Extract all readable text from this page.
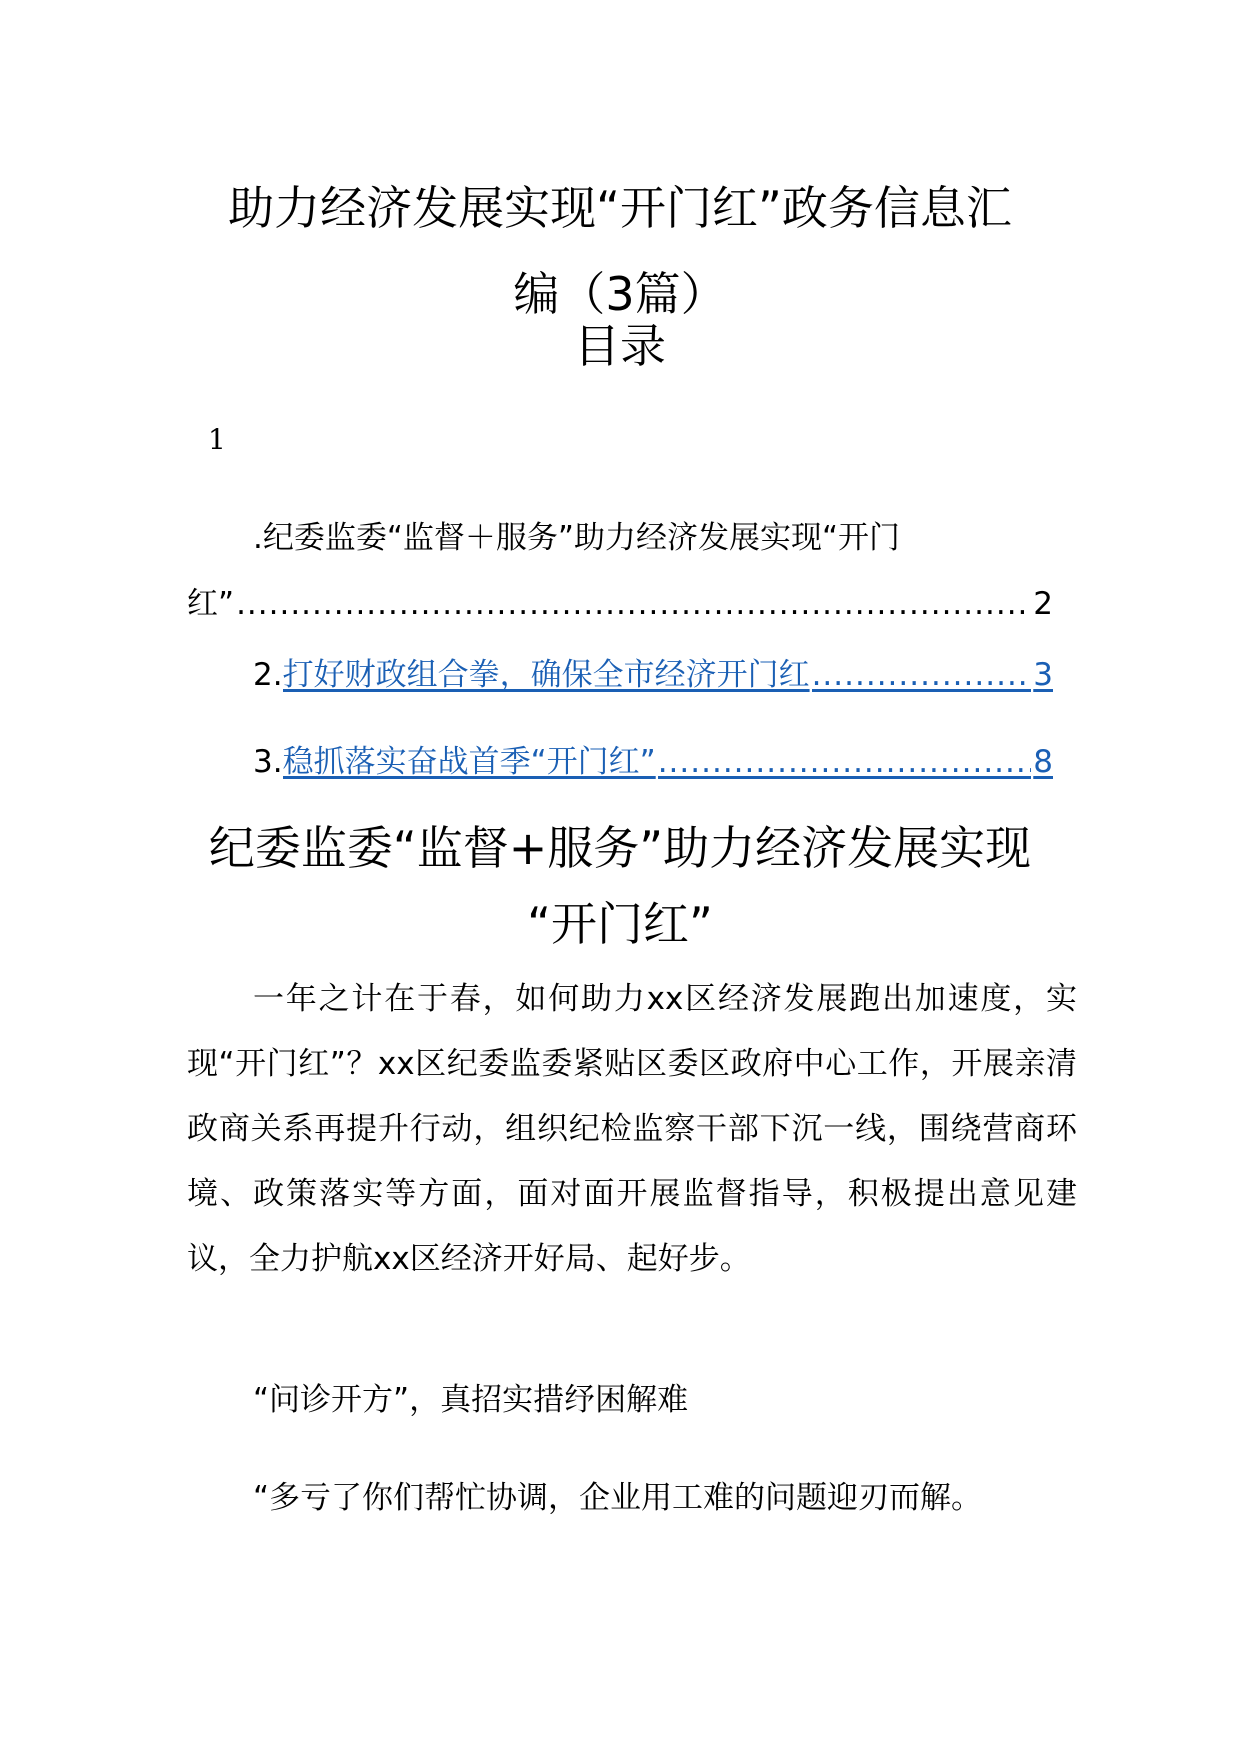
助力经济发展实现“开门红”政务信息汇
编（3篇）
目录
1
.纪委监委“监督＋服务”助力经济发展实现“开门
红” .....	2
2. 打好财政组合拳，确保全市经济开门红 .....	3
3. 稳抓落实奋战首季“开门红” .....	8
纪委监委“监督+服务”助力经济发展实现
“开门红”

一年之计在于春，如何助力xx区经济发展跑出加速度，实现“开门红”？xx区纪委监委紧贴区委区政府中心工作，开展亲清政商关系再提升行动，组织纪检监察干部下沉一线，围绕营商环境、政策落实等方面，面对面开展监督指导，积极提出意见建议，全力护航xx区经济开好局、起好步。

“问诊开方”，真招实措纾困解难

“多亏了你们帮忙协调，企业用工难的问题迎刃而解。
